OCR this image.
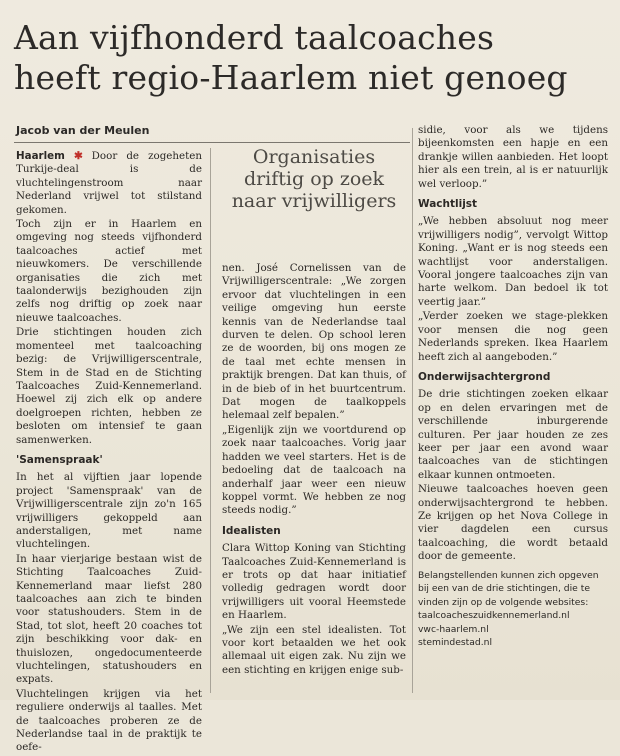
Aan vijfhonderd taalcoaches
heeft regio-Haarlem niet genoeg
Jacob van der Meulen

Haarlem ✱ Door de zogeheten Turkije-deal is de vluchtelingenstroom naar Nederland vrijwel tot stilstand gekomen.

Toch zijn er in Haarlem en omgeving nog steeds vijfhonderd taalcoaches actief met nieuwkomers. De verschillende organisaties die zich met taalonderwijs bezighouden zijn zelfs nog driftig op zoek naar nieuwe taalcoaches.

Drie stichtingen houden zich momenteel met taalcoaching bezig: de Vrijwilligerscentrale, Stem in de Stad en de Stichting Taalcoaches Zuid-Kennemerland. Hoewel zij zich elk op andere doelgroepen richten, hebben ze besloten om intensief te gaan samenwerken.

'Samenspraak'

In het al vijftien jaar lopende project 'Samenspraak' van de Vrijwilligerscentrale zijn zo'n 165 vrijwilligers gekoppeld aan anderstaligen, met name vluchtelingen.

In haar vierjarige bestaan wist de Stichting Taalcoaches Zuid-Kennemerland maar liefst 280 taalcoaches aan zich te binden voor statushouders. Stem in de Stad, tot slot, heeft 20 coaches tot zijn beschikking voor dak- en thuislozen, ongedocumenteerde vluchtelingen, statushouders en expats.

Vluchtelingen krijgen via het reguliere onderwijs al taalles. Met de taalcoaches proberen ze de Nederlandse taal in de praktijk te oefe-

Organisaties
driftig op zoek
naar vrijwilligers

nen. José Cornelissen van de Vrijwilligerscentrale: „We zorgen ervoor dat vluchtelingen in een veilige omgeving hun eerste kennis van de Nederlandse taal durven te delen. Op school leren ze de woorden, bij ons mogen ze de taal met echte mensen in praktijk brengen. Dat kan thuis, of in de bieb of in het buurtcentrum. Dat mogen de taalkoppels helemaal zelf bepalen.”

„Eigenlijk zijn we voortdurend op zoek naar taalcoaches. Vorig jaar hadden we veel starters. Het is de bedoeling dat de taalcoach na anderhalf jaar weer een nieuw koppel vormt. We hebben ze nog steeds nodig.”

Idealisten

Clara Wittop Koning van Stichting Taalcoaches Zuid-Kennemerland is er trots op dat haar initiatief volledig gedragen wordt door vrijwilligers uit vooral Heemstede en Haarlem.

„We zijn een stel idealisten. Tot voor kort betaalden we het ook allemaal uit eigen zak. Nu zijn we een stichting en krijgen enige sub-

sidie, voor als we tijdens bijeenkomsten een hapje en een drankje willen aanbieden. Het loopt hier als een trein, al is er natuurlijk wel verloop.”

Wachtlijst

„We hebben absoluut nog meer vrijwilligers nodig”, vervolgt Wittop Koning. „Want er is nog steeds een wachtlijst voor anderstaligen. Vooral jongere taalcoaches zijn van harte welkom. Dan bedoel ik tot veertig jaar.”

„Verder zoeken we stage-plekken voor mensen die nog geen Nederlands spreken. Ikea Haarlem heeft zich al aangeboden.”

Onderwijsachtergrond

De drie stichtingen zoeken elkaar op en delen ervaringen met de verschillende inburgerende culturen. Per jaar houden ze zes keer per jaar een avond waar taalcoaches van de stichtingen elkaar kunnen ontmoeten.

Nieuwe taalcoaches hoeven geen onderwijsachtergrond te hebben. Ze krijgen op het Nova College in vier dagdelen een cursus taalcoaching, die wordt betaald door de gemeente.

Belangstellenden kunnen zich opgeven bij een van de drie stichtingen, die te vinden zijn op de volgende websites:
taalcoacheszuidkennemerland.nl
vwc-haarlem.nl
stemindestad.nl
